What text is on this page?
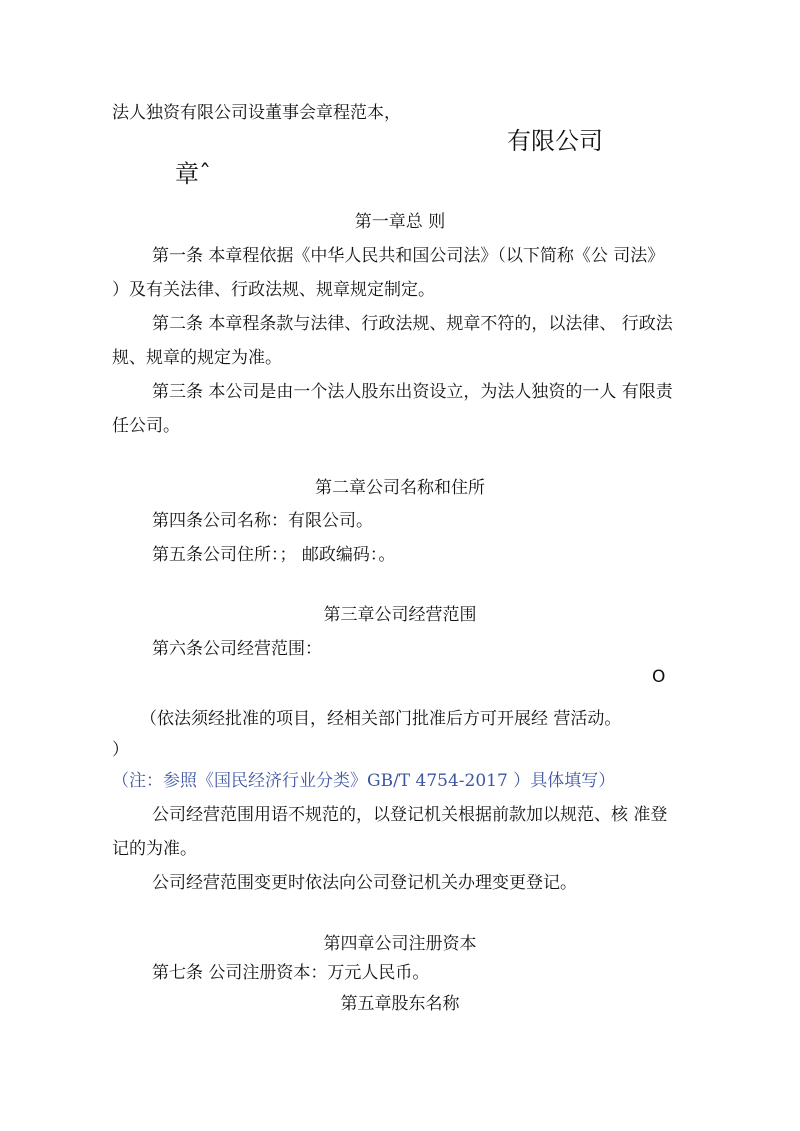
法人独资有限公司设董事会章程范本，
有限公司
章ˆ
第一章总 则
第一条 本章程依据《中华人民共和国公司法》（以下简称《公 司法》
）及有关法律、行政法规、规章规定制定。
第二条 本章程条款与法律、行政法规、规章不符的，以法律、 行政法
规、规章的规定为准。
第三条 本公司是由一个法人股东出资设立，为法人独资的一人 有限责
任公司。
第二章公司名称和住所
第四条公司名称：有限公司。
第五条公司住所：； 邮政编码：。
第三章公司经营范围
第六条公司经营范围：
O
（依法须经批准的项目，经相关部门批准后方可开展经 营活动。
）
（注：参照《国民经济行业分类》GB/T 4754-2017 ）具体填写）
公司经营范围用语不规范的，以登记机关根据前款加以规范、核 准登
记的为准。
公司经营范围变更时依法向公司登记机关办理变更登记。
第四章公司注册资本
第七条 公司注册资本：万元人民币。
第五章股东名称
